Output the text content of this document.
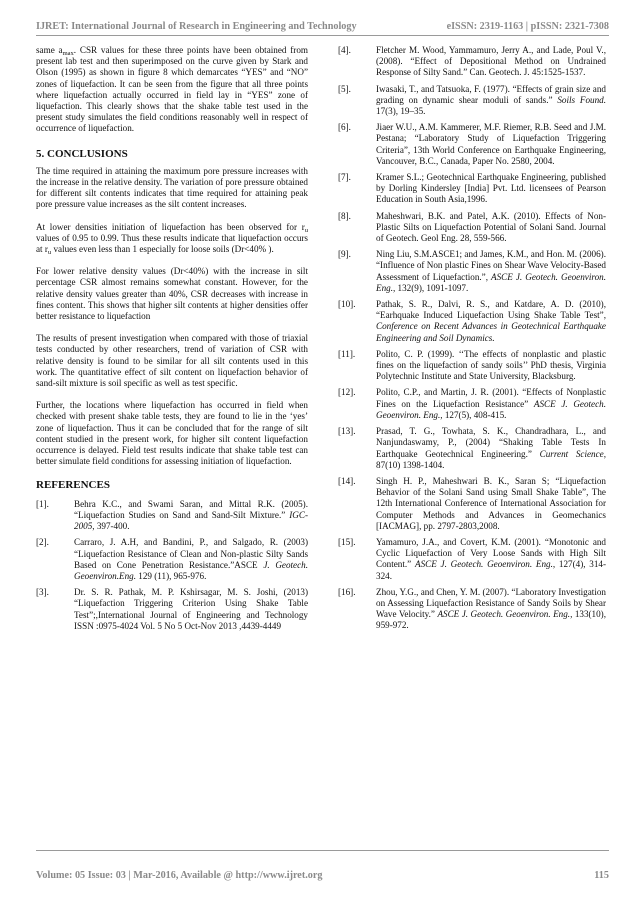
IJRET: International Journal of Research in Engineering and Technology	eISSN: 2319-1163 | pISSN: 2321-7308

same $a_{max}$. CSR values for these three points have been obtained from present lab test and then superimposed on the curve given by Stark and Olson (1995) as shown in figure 8 which demarcates “YES” and “NO” zones of liquefaction. It can be seen from the figure that all three points where liquefaction actually occurred in field lay in “YES” zone of liquefaction. This clearly shows that the shake table test used in the present study simulates the field conditions reasonably well in respect of occurrence of liquefaction.

5. CONCLUSIONS

The time required in attaining the maximum pore pressure increases with the increase in the relative density. The variation of pore pressure obtained for different silt contents indicates that time required for attaining peak pore pressure value increases as the silt content increases.

At lower densities initiation of liquefaction has been observed for $r_u$ values of 0.95 to 0.99. Thus these results indicate that liquefaction occurs at $r_u$ values even less than 1 especially for loose soils (Dr<40% ).

For lower relative density values (Dr<40%) with the increase in silt percentage CSR almost remains somewhat constant. However, for the relative density values greater than 40%, CSR decreases with increase in fines content. This shows that higher silt contents at higher densities offer better resistance to liquefaction

The results of present investigation when compared with those of triaxial tests conducted by other researchers, trend of variation of CSR with relative density is found to be similar for all silt contents used in this work. The quantitative effect of silt content on liquefaction behavior of sand-silt mixture is soil specific as well as test specific.

Further, the locations where liquefaction has occurred in field when checked with present shake table tests, they are found to lie in the ‘yes’ zone of liquefaction. Thus it can be concluded that for the range of silt content studied in the present work, for higher silt content liquefaction occurrence is delayed. Field test results indicate that shake table test can better simulate field conditions for assessing initiation of liquefaction.

REFERENCES
[1].	Behra K.C., and Swami Saran, and Mittal R.K. (2005). “Liquefaction Studies on Sand and Sand-Silt Mixture.” IGC-2005, 397-400.
[2].	Carraro, J. A.H, and Bandini, P., and Salgado, R. (2003) “Liquefaction Resistance of Clean and Non-plastic Silty Sands Based on Cone Penetration Resistance.”ASCE J. Geotech. Geoenviron.Eng. 129 (11), 965-976.
[3].	Dr. S. R. Pathak, M. P. Kshirsagar, M. S. Joshi, (2013) “Liquefaction Triggering Criterion Using Shake Table Test”;,International Journal of Engineering and Technology ISSN :0975-4024 Vol. 5 No 5 Oct-Nov 2013 ,4439-4449
[4].	Fletcher M. Wood, Yammamuro, Jerry A., and Lade, Poul V., (2008). “Effect of Depositional Method on Undrained Response of Silty Sand.” Can. Geotech. J. 45:1525-1537.
[5].	Iwasaki, T., and Tatsuoka, F. (1977). “Effects of grain size and grading on dynamic shear moduli of sands.” Soils Found. 17(3), 19–35.
[6].	Jiaer W.U., A.M. Kammerer, M.F. Riemer, R.B. Seed and J.M. Pestana; “Laboratory Study of Liquefaction Triggering Criteria”, 13th World Conference on Earthquake Engineering, Vancouver, B.C., Canada, Paper No. 2580, 2004.
[7].	Kramer S.L.; Geotechnical Earthquake Engineering, published by Dorling Kindersley [India] Pvt. Ltd. licensees of Pearson Education in South Asia,1996.
[8].	Maheshwari, B.K. and Patel, A.K. (2010). Effects of Non-Plastic Silts on Liquefaction Potential of Solani Sand. Journal of Geotech. Geol Eng. 28, 559-566.
[9].	Ning Liu, S.M.ASCE1; and James, K.M., and Hon. M. (2006). “Influence of Non plastic Fines on Shear Wave Velocity-Based Assessment of Liquefaction.”, ASCE J. Geotech. Geoenviron. Eng., 132(9), 1091-1097.
[10].	Pathak, S. R., Dalvi, R. S., and Katdare, A. D. (2010), “Earhquake Induced Liquefaction Using Shake Table Test”, Conference on Recent Advances in Geotechnical Earthquake Engineering and Soil Dynamics.
[11].	Polito, C. P. (1999). ‘‘The effects of nonplastic and plastic fines on the liquefaction of sandy soils’’ PhD thesis, Virginia Polytechnic Institute and State University, Blacksburg.
[12].	Polito, C.P., and Martin, J. R. (2001). “Effects of Nonplastic Fines on the Liquefaction Resistance” ASCE J. Geotech. Geoenviron. Eng., 127(5), 408-415.
[13].	Prasad, T. G., Towhata, S. K., Chandradhara, L., and Nanjundaswamy, P., (2004) “Shaking Table Tests In Earthquake Geotechnical Engineering.” Current Science, 87(10) 1398-1404.
[14].	Singh H. P., Maheshwari B. K., Saran S; “Liquefaction Behavior of the Solani Sand using Small Shake Table”, The 12th International Conference of International Association for Computer Methods and Advances in Geomechanics [IACMAG], pp. 2797-2803,2008.
[15].	Yamamuro, J.A., and Covert, K.M. (2001). “Monotonic and Cyclic Liquefaction of Very Loose Sands with High Silt Content.” ASCE J. Geotech. Geoenviron. Eng., 127(4), 314-324.
[16].	Zhou, Y.G., and Chen, Y. M. (2007). “Laboratory Investigation on Assessing Liquefaction Resistance of Sandy Soils by Shear Wave Velocity.” ASCE J. Geotech. Geoenviron. Eng., 133(10), 959-972.
Volume: 05 Issue: 03 | Mar-2016, Available @ http://www.ijret.org	115
